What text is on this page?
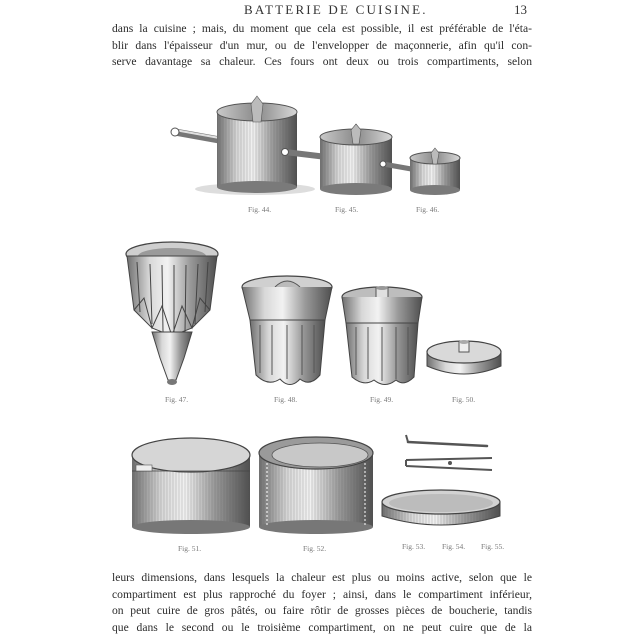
BATTERIE DE CUISINE.	13
dans la cuisine ; mais, du moment que cela est possible, il est préférable de l'éta-
blir dans l'épaisseur d'un mur, ou de l'envelopper de maçonnerie, afin qu'il con-
serve davantage sa chaleur. Ces fours ont deux ou trois compartiments, selon
Fig. 44.	Fig. 45.	Fig. 46.
Fig. 47.	Fig. 48.	Fig. 49.	Fig. 50.
Fig. 51.	Fig. 52.	Fig. 53. Fig. 54. Fig. 55.
leurs dimensions, dans lesquels la chaleur est plus ou moins active, selon que le
compartiment est plus rapproché du foyer ; ainsi, dans le compartiment inférieur,
on peut cuire de gros pâtés, ou faire rôtir de grosses pièces de boucherie, tandis
que dans le second ou le troisième compartiment, on ne peut cuire que de la
